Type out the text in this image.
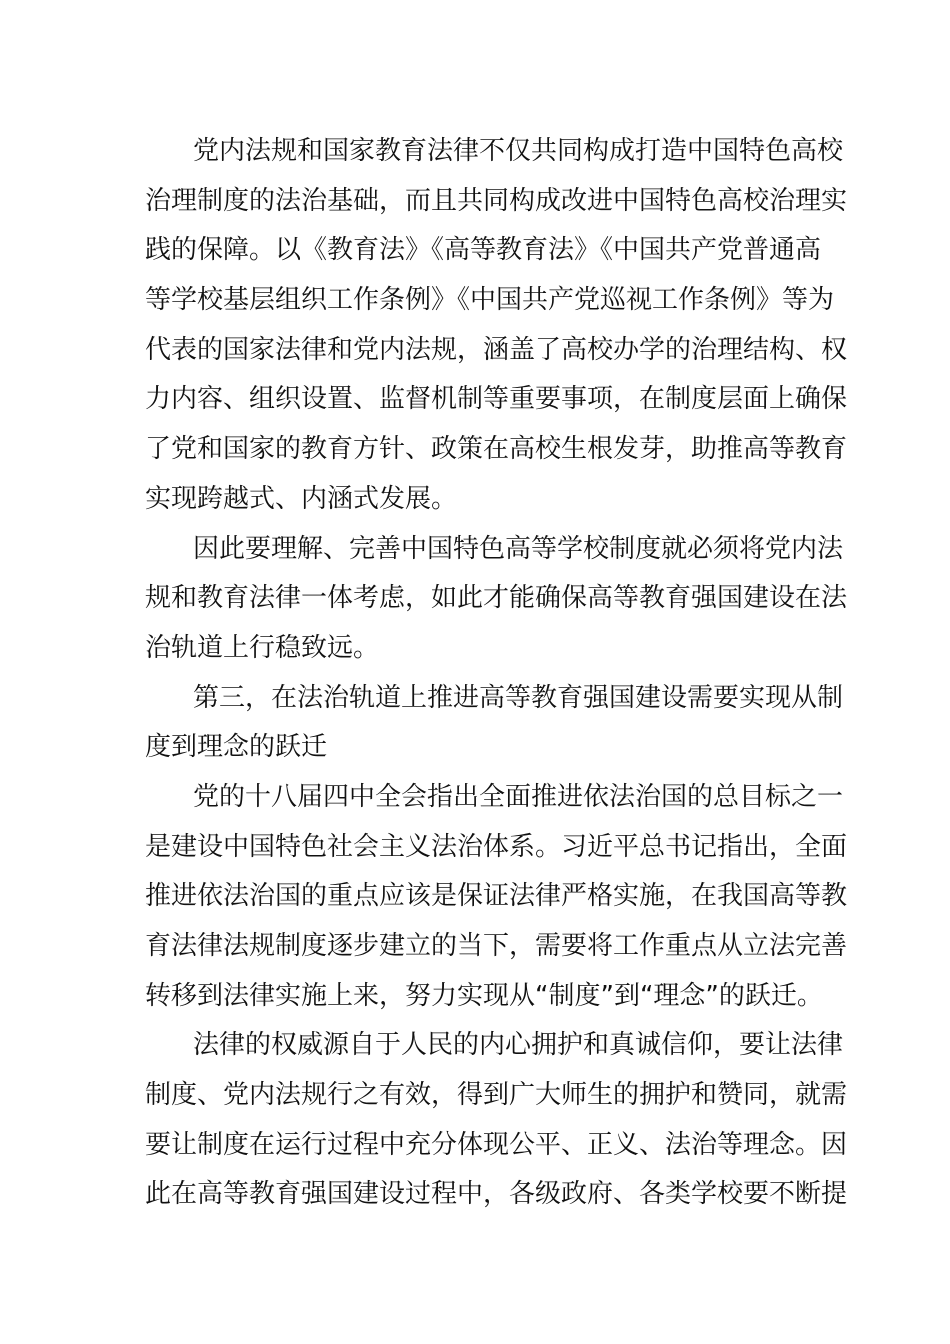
党内法规和国家教育法律不仅共同构成打造中国特色高校
治理制度的法治基础，而且共同构成改进中国特色高校治理实
践的保障。以《教育法》《高等教育法》《中国共产党普通高
等学校基层组织工作条例》《中国共产党巡视工作条例》等为
代表的国家法律和党内法规，涵盖了高校办学的治理结构、权
力内容、组织设置、监督机制等重要事项，在制度层面上确保
了党和国家的教育方针、政策在高校生根发芽，助推高等教育
实现跨越式、内涵式发展。
因此要理解、完善中国特色高等学校制度就必须将党内法
规和教育法律一体考虑，如此才能确保高等教育强国建设在法
治轨道上行稳致远。
第三，在法治轨道上推进高等教育强国建设需要实现从制
度到理念的跃迁
党的十八届四中全会指出全面推进依法治国的总目标之一
是建设中国特色社会主义法治体系。习近平总书记指出，全面
推进依法治国的重点应该是保证法律严格实施，在我国高等教
育法律法规制度逐步建立的当下，需要将工作重点从立法完善
转移到法律实施上来，努力实现从“制度”到“理念”的跃迁。
法律的权威源自于人民的内心拥护和真诚信仰，要让法律
制度、党内法规行之有效，得到广大师生的拥护和赞同，就需
要让制度在运行过程中充分体现公平、正义、法治等理念。因
此在高等教育强国建设过程中，各级政府、各类学校要不断提
